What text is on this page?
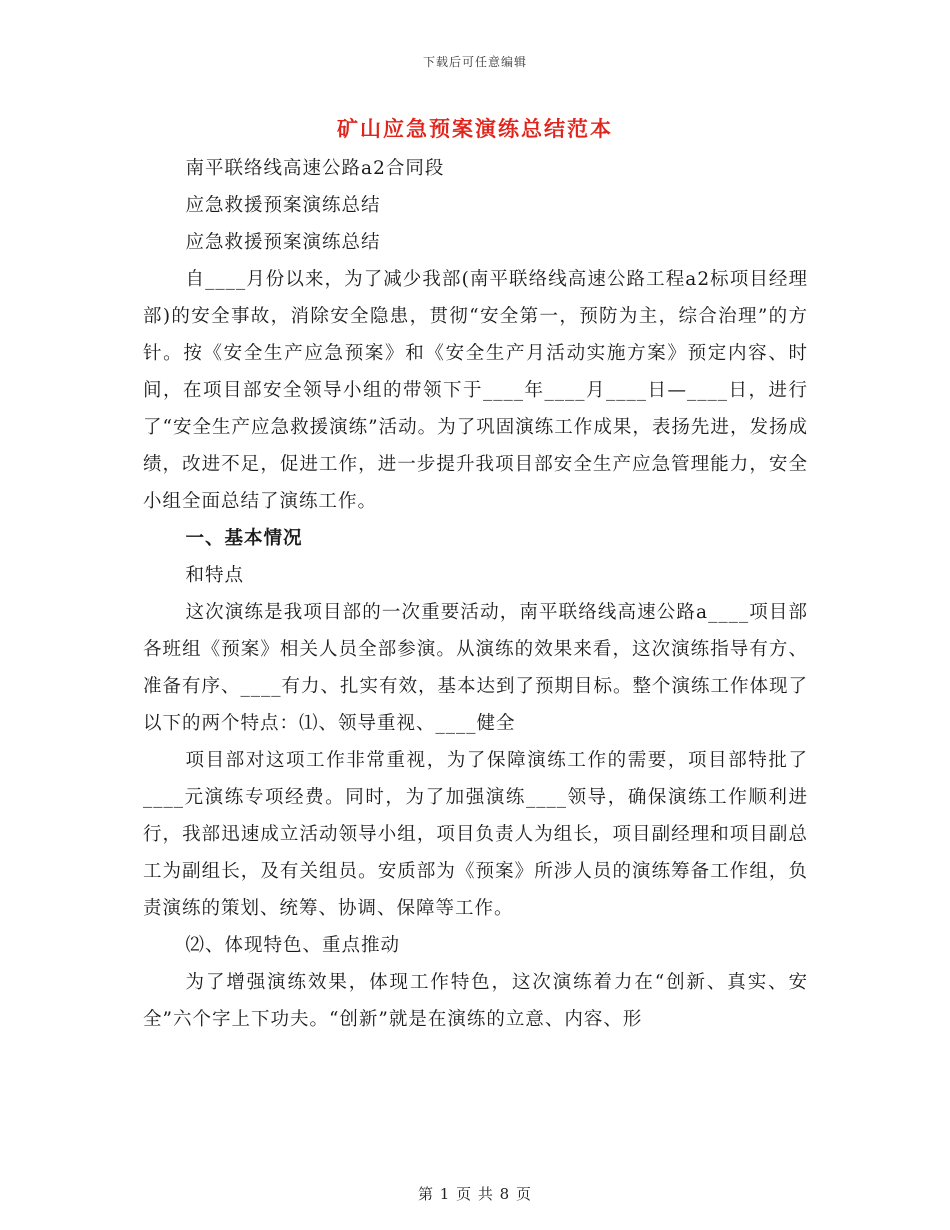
下载后可任意编辑
矿山应急预案演练总结范本

南平联络线高速公路a2合同段

应急救援预案演练总结

应急救援预案演练总结

自____月份以来，为了减少我部(南平联络线高速公路工程a2标项目经理部)的安全事故，消除安全隐患，贯彻“安全第一，预防为主，综合治理”的方针。按《安全生产应急预案》和《安全生产月活动实施方案》预定内容、时间，在项目部安全领导小组的带领下于____年____月____日—____日，进行了“安全生产应急救援演练”活动。为了巩固演练工作成果，表扬先进，发扬成绩，改进不足，促进工作，进一步提升我项目部安全生产应急管理能力，安全小组全面总结了演练工作。

一、基本情况

和特点

这次演练是我项目部的一次重要活动，南平联络线高速公路a____项目部各班组《预案》相关人员全部参演。从演练的效果来看，这次演练指导有方、准备有序、____有力、扎实有效，基本达到了预期目标。整个演练工作体现了以下的两个特点：⑴、领导重视、____健全

项目部对这项工作非常重视，为了保障演练工作的需要，项目部特批了____元演练专项经费。同时，为了加强演练____领导，确保演练工作顺利进行，我部迅速成立活动领导小组，项目负责人为组长，项目副经理和项目副总工为副组长，及有关组员。安质部为《预案》所涉人员的演练筹备工作组，负责演练的策划、统筹、协调、保障等工作。

⑵、体现特色、重点推动

为了增强演练效果，体现工作特色，这次演练着力在“创新、真实、安全”六个字上下功夫。“创新”就是在演练的立意、内容、形

第 1 页 共 8 页
